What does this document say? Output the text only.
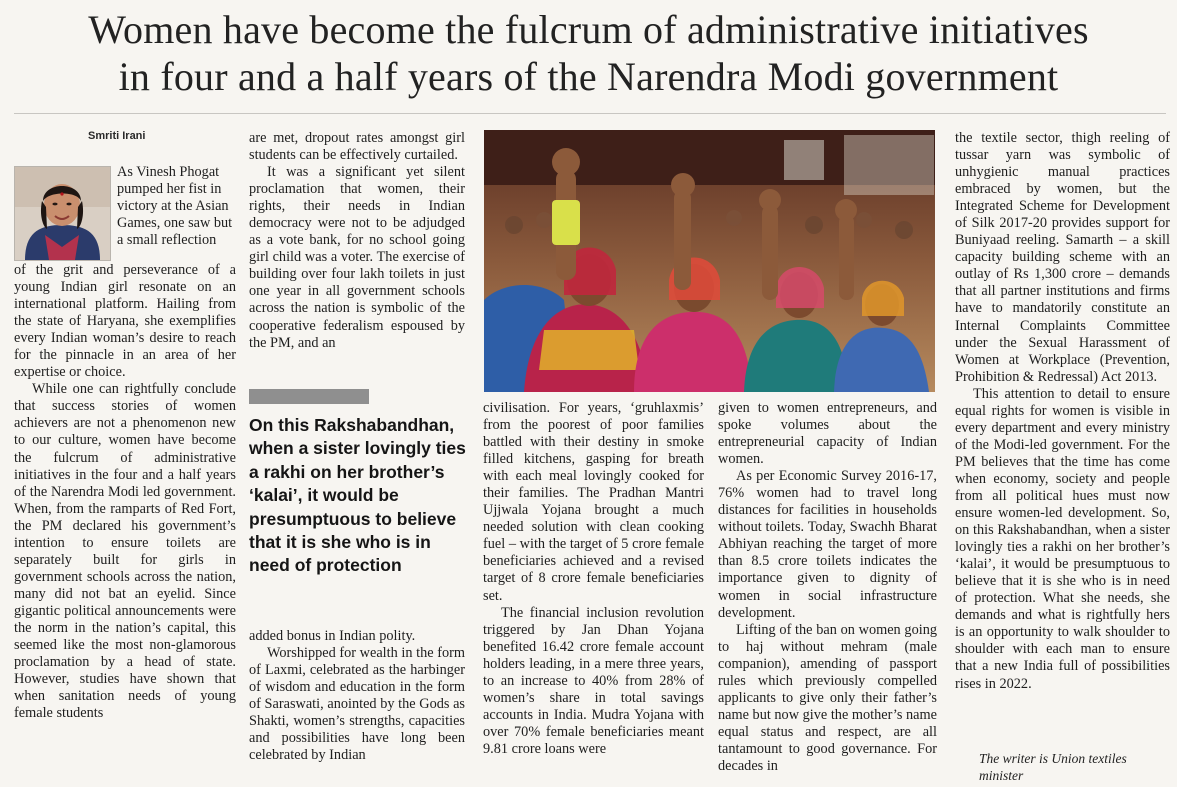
Women have become the fulcrum of administrative initiatives
in four and a half years of the Narendra Modi government
Smriti Irani

As Vinesh Phogat pumped her fist in victory at the Asian Games, one saw but a small reflection

of the grit and perseverance of a young Indian girl resonate on an international platform. Hailing from the state of Haryana, she exemplifies every Indian woman’s desire to reach for the pinnacle in an area of her expertise or choice.

While one can rightfully conclude that success stories of women achievers are not a phenomenon new to our culture, women have become the fulcrum of administrative initiatives in the four and a half years of the Narendra Modi led government. When, from the ramparts of Red Fort, the PM declared his government’s intention to ensure toilets are separately built for girls in government schools across the nation, many did not bat an eyelid. Since gigantic political announcements were the norm in the nation’s capital, this seemed like the most non-glamorous proclamation by a head of state. However, studies have shown that when sanitation needs of young female students

are met, dropout rates amongst girl students can be effectively curtailed.

It was a significant yet silent proclamation that women, their rights, their needs in Indian democracy were not to be adjudged as a vote bank, for no school going girl child was a voter. The exercise of building over four lakh toilets in just one year in all government schools across the nation is symbolic of the cooperative federalism espoused by the PM, and an

On this Rakshabandhan, when a sister lovingly ties a rakhi on her brother’s ‘kalai’, it would be presumptuous to believe that it is she who is in need of protection

added bonus in Indian polity.

Worshipped for wealth in the form of Laxmi, celebrated as the harbinger of wisdom and education in the form of Saraswati, anointed by the Gods as Shakti, women’s strengths, capacities and possibilities have long been celebrated by Indian

civilisation. For years, ‘gruhlaxmis’ from the poorest of poor families battled with their destiny in smoke filled kitchens, gasping for breath with each meal lovingly cooked for their families. The Pradhan Mantri Ujjwala Yojana brought a much needed solution with clean cooking fuel – with the target of 5 crore female beneficiaries achieved and a revised target of 8 crore female beneficiaries set.

The financial inclusion revolution triggered by Jan Dhan Yojana benefited 16.42 crore female account holders leading, in a mere three years, to an increase to 40% from 28% of women’s share in total savings accounts in India. Mudra Yojana with over 70% female beneficiaries meant 9.81 crore loans were

given to women entrepreneurs, and spoke volumes about the entrepreneurial capacity of Indian women.

As per Economic Survey 2016-17, 76% women had to travel long distances for facilities in households without toilets. Today, Swachh Bharat Abhiyan reaching the target of more than 8.5 crore toilets indicates the importance given to dignity of women in social infrastructure development.

Lifting of the ban on women going to haj without mehram (male companion), amending of passport rules which previously compelled applicants to give only their father’s name but now give the mother’s name equal status and respect, are all tantamount to good governance. For decades in

the textile sector, thigh reeling of tussar yarn was symbolic of unhygienic manual practices embraced by women, but the Integrated Scheme for Development of Silk 2017-20 provides support for Buniyaad reeling. Samarth – a skill capacity building scheme with an outlay of Rs 1,300 crore – demands that all partner institutions and firms have to mandatorily constitute an Internal Complaints Committee under the Sexual Harassment of Women at Workplace (Prevention, Prohibition & Redressal) Act 2013.

This attention to detail to ensure equal rights for women is visible in every department and every ministry of the Modi-led government. For the PM believes that the time has come when economy, society and people from all political hues must now ensure women-led development. So, on this Rakshabandhan, when a sister lovingly ties a rakhi on her brother’s ‘kalai’, it would be presumptuous to believe that it is she who is in need of protection. What she needs, she demands and what is rightfully hers is an opportunity to walk shoulder to shoulder with each man to ensure that a new India full of possibilities rises in 2022.

The writer is Union textiles minister
